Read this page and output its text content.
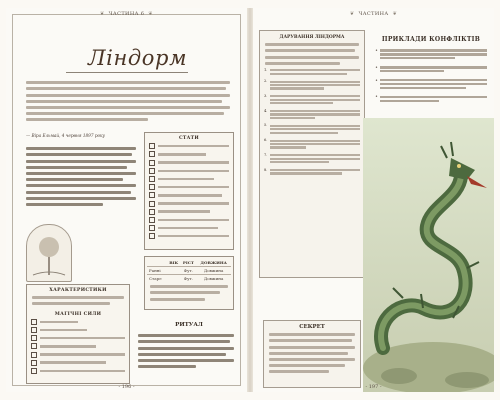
❦ ЧАСТИНА 6 ❦
Ліндорм
— Віра Ельмай, 4 червня 1897 року
СТАТИ
ХАРАКТЕРИСТИКИ
МАГІЧНІ СИЛИ
	ВІК	РІСТ	ДОВЖИНА
Ранні		Фут.	Довжина
Старе		Фут.	Довжина
РИТУАЛ
- 196 -
❦ ЧАСТИНА ❦
ДАРУВАННЯ ЛІНДОРМА
1.
2.
3.
4.
5.
6.
7.
8.
ПРИКЛАДИ КОНФЛІКТІВ
•
•
•
•
СЕКРЕТ
- 197 -
